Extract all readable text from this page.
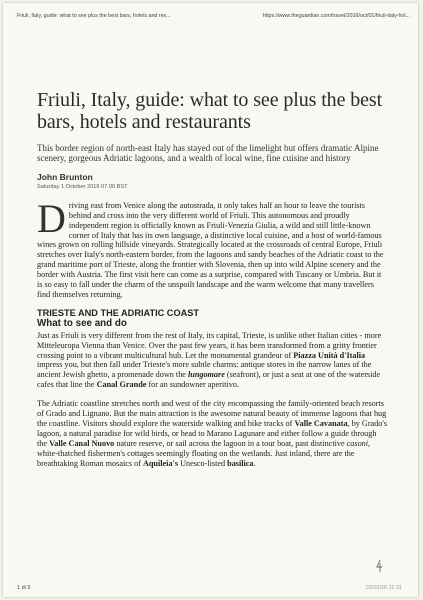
Friuli, Italy, guide: what to see plus the best bars, hotels and res...	https://www.theguardian.com/travel/2016/oct/01/friuli-italy-hol...
Friuli, Italy, guide: what to see plus the best bars, hotels and restaurants
This border region of north-east Italy has stayed out of the limelight but offers dramatic Alpine scenery, gorgeous Adriatic lagoons, and a wealth of local wine, fine cuisine and history
John Brunton
Saturday 1 October 2016 07.00 BST

Driving east from Venice along the autostrada, it only takes half an hour to leave the tourists behind and cross into the very different world of Friuli. This autonomous and proudly independent region is officially known as Friuli-Venezia Giulia, a wild and still little-known corner of Italy that has its own language, a distinctive local cuisine, and a host of world-famous wines grown on rolling hillside vineyards. Strategically located at the crossroads of central Europe, Friuli stretches over Italy's north-eastern border, from the lagoons and sandy beaches of the Adriatic coast to the grand maritime port of Trieste, along the frontier with Slovenia, then up into wild Alpine scenery and the border with Austria. The first visit here can come as a surprise, compared with Tuscany or Umbria. But it is so easy to fall under the charm of the unspoilt landscape and the warm welcome that many travellers find themselves returning.

TRIESTE AND THE ADRIATIC COAST
What to see and do

Just as Friuli is very different from the rest of Italy, its capital, Trieste, is unlike other Italian cities - more Mitteleuropa Vienna than Venice. Over the past few years, it has been transformed from a gritty frontier crossing point to a vibrant multicultural hub. Let the monumental grandeur of Piazza Unità d'Italia impress you, but then fall under Trieste's more subtle charms: antique stores in the narrow lanes of the ancient Jewish ghetto, a promenade down the lungomare (seafront), or just a seat at one of the waterside cafes that line the Canal Grande for an sundowner aperitivo.

The Adriatic coastline stretches north and west of the city encompassing the family-oriented beach resorts of Grado and Lignano. But the main attraction is the awesome natural beauty of immense lagoons that hug the coastline. Visitors should explore the waterside walking and bike tracks of Valle Cavanata, by Grado's lagoon, a natural paradise for wild birds, or head to Marano Lagunare and either follow a guide through the Valle Canal Nuovo nature reserve, or sail across the lagoon in a tour boat, past distinctive casoni, white-thatched fishermen's cottages seemingly floating on the wetlands. Just inland, there are the breathtaking Roman mosaics of Aquileia's Unesco-listed basilica.

1 di 5	03/10/16 11:31
